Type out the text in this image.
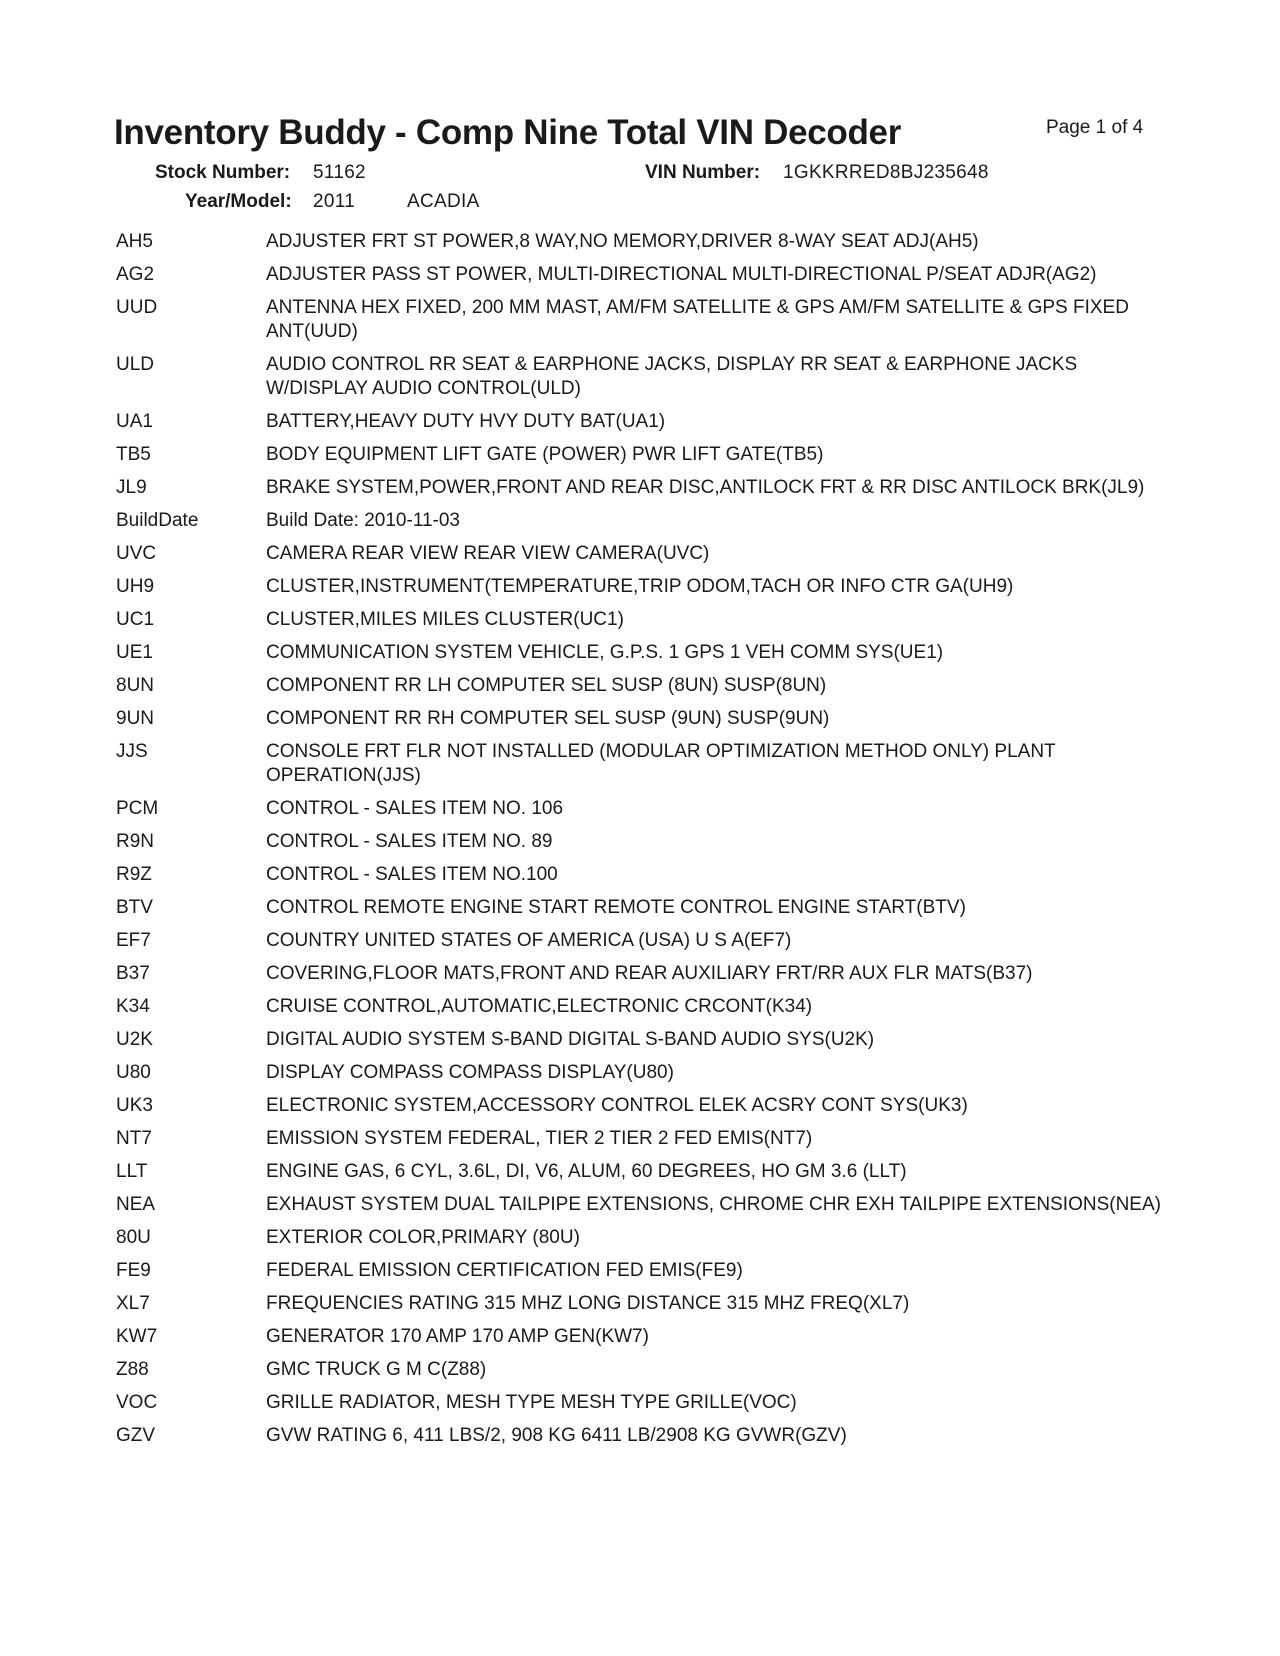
Inventory Buddy - Comp Nine Total VIN Decoder	Page 1 of 4
Stock Number: 51162	VIN Number: 1GKKRRED8BJ235648
Year/Model: 2011	ACADIA
AH5	ADJUSTER FRT ST POWER,8 WAY,NO MEMORY,DRIVER 8-WAY SEAT ADJ(AH5)
AG2	ADJUSTER PASS ST POWER, MULTI-DIRECTIONAL MULTI-DIRECTIONAL P/SEAT ADJR(AG2)
UUD	ANTENNA HEX FIXED, 200 MM MAST, AM/FM SATELLITE & GPS AM/FM SATELLITE & GPS FIXED ANT(UUD)
ULD	AUDIO CONTROL RR SEAT & EARPHONE JACKS, DISPLAY RR SEAT & EARPHONE JACKS W/DISPLAY AUDIO CONTROL(ULD)
UA1	BATTERY,HEAVY DUTY HVY DUTY BAT(UA1)
TB5	BODY EQUIPMENT LIFT GATE (POWER) PWR LIFT GATE(TB5)
JL9	BRAKE SYSTEM,POWER,FRONT AND REAR DISC,ANTILOCK FRT & RR DISC ANTILOCK BRK(JL9)
BuildDate	Build Date: 2010-11-03
UVC	CAMERA REAR VIEW REAR VIEW CAMERA(UVC)
UH9	CLUSTER,INSTRUMENT(TEMPERATURE,TRIP ODOM,TACH OR INFO CTR GA(UH9)
UC1	CLUSTER,MILES MILES CLUSTER(UC1)
UE1	COMMUNICATION SYSTEM VEHICLE, G.P.S. 1 GPS 1 VEH COMM SYS(UE1)
8UN	COMPONENT RR LH COMPUTER SEL SUSP (8UN) SUSP(8UN)
9UN	COMPONENT RR RH COMPUTER SEL SUSP (9UN) SUSP(9UN)
JJS	CONSOLE FRT FLR NOT INSTALLED (MODULAR OPTIMIZATION METHOD ONLY) PLANT OPERATION(JJS)
PCM	CONTROL - SALES ITEM NO. 106
R9N	CONTROL - SALES ITEM NO. 89
R9Z	CONTROL - SALES ITEM NO.100
BTV	CONTROL REMOTE ENGINE START REMOTE CONTROL ENGINE START(BTV)
EF7	COUNTRY UNITED STATES OF AMERICA (USA) U S A(EF7)
B37	COVERING,FLOOR MATS,FRONT AND REAR AUXILIARY FRT/RR AUX FLR MATS(B37)
K34	CRUISE CONTROL,AUTOMATIC,ELECTRONIC CRCONT(K34)
U2K	DIGITAL AUDIO SYSTEM S-BAND DIGITAL S-BAND AUDIO SYS(U2K)
U80	DISPLAY COMPASS COMPASS DISPLAY(U80)
UK3	ELECTRONIC SYSTEM,ACCESSORY CONTROL ELEK ACSRY CONT SYS(UK3)
NT7	EMISSION SYSTEM FEDERAL, TIER 2 TIER 2 FED EMIS(NT7)
LLT	ENGINE GAS, 6 CYL, 3.6L, DI, V6, ALUM, 60 DEGREES, HO GM 3.6 (LLT)
NEA	EXHAUST SYSTEM DUAL TAILPIPE EXTENSIONS, CHROME CHR EXH TAILPIPE EXTENSIONS(NEA)
80U	EXTERIOR COLOR,PRIMARY (80U)
FE9	FEDERAL EMISSION CERTIFICATION FED EMIS(FE9)
XL7	FREQUENCIES RATING 315 MHZ LONG DISTANCE 315 MHZ FREQ(XL7)
KW7	GENERATOR 170 AMP 170 AMP GEN(KW7)
Z88	GMC TRUCK G M C(Z88)
VOC	GRILLE RADIATOR, MESH TYPE MESH TYPE GRILLE(VOC)
GZV	GVW RATING 6, 411 LBS/2, 908 KG 6411 LB/2908 KG GVWR(GZV)
